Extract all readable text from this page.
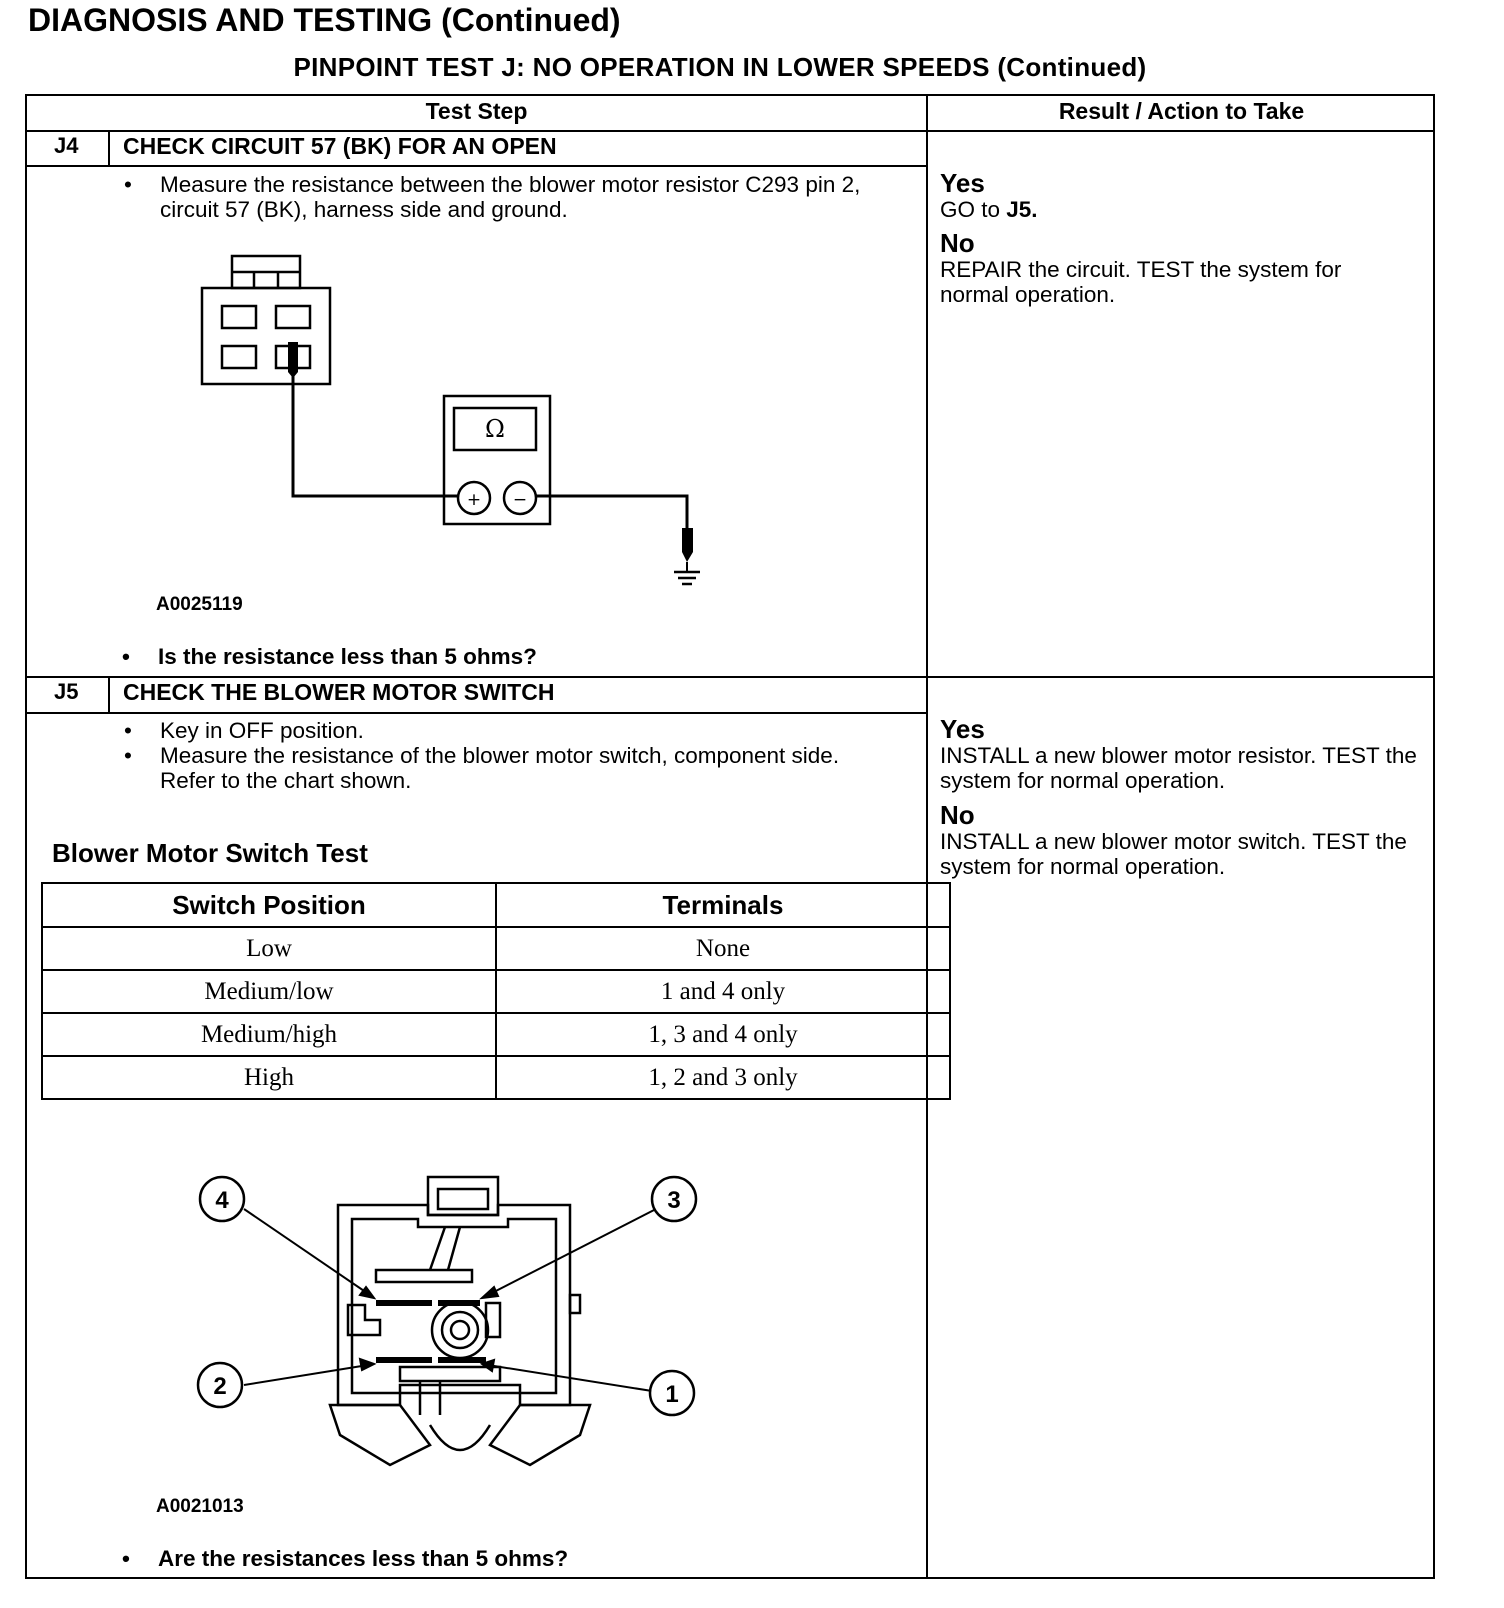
DIAGNOSIS AND TESTING (Continued)
PINPOINT TEST J: NO OPERATION IN LOWER SPEEDS (Continued)
Test Step	Result / Action to Take
J4 CHECK CIRCUIT 57 (BK) FOR AN OPEN
• Measure the resistance between the blower motor resistor C293 pin 2, circuit 57 (BK), harness side and ground.
Ω
+ −
A0025119
• Is the resistance less than 5 ohms?
Yes
GO to J5.
No
REPAIR the circuit. TEST the system for normal operation.
J5 CHECK THE BLOWER MOTOR SWITCH
• Key in OFF position.
• Measure the resistance of the blower motor switch, component side. Refer to the chart shown.
Blower Motor Switch Test
Switch Position	Terminals
Low	None
Medium/low	1 and 4 only
Medium/high	1, 3 and 4 only
High	1, 2 and 3 only
4	3
2	1
A0021013
• Are the resistances less than 5 ohms?
Yes
INSTALL a new blower motor resistor. TEST the system for normal operation.
No
INSTALL a new blower motor switch. TEST the system for normal operation.
